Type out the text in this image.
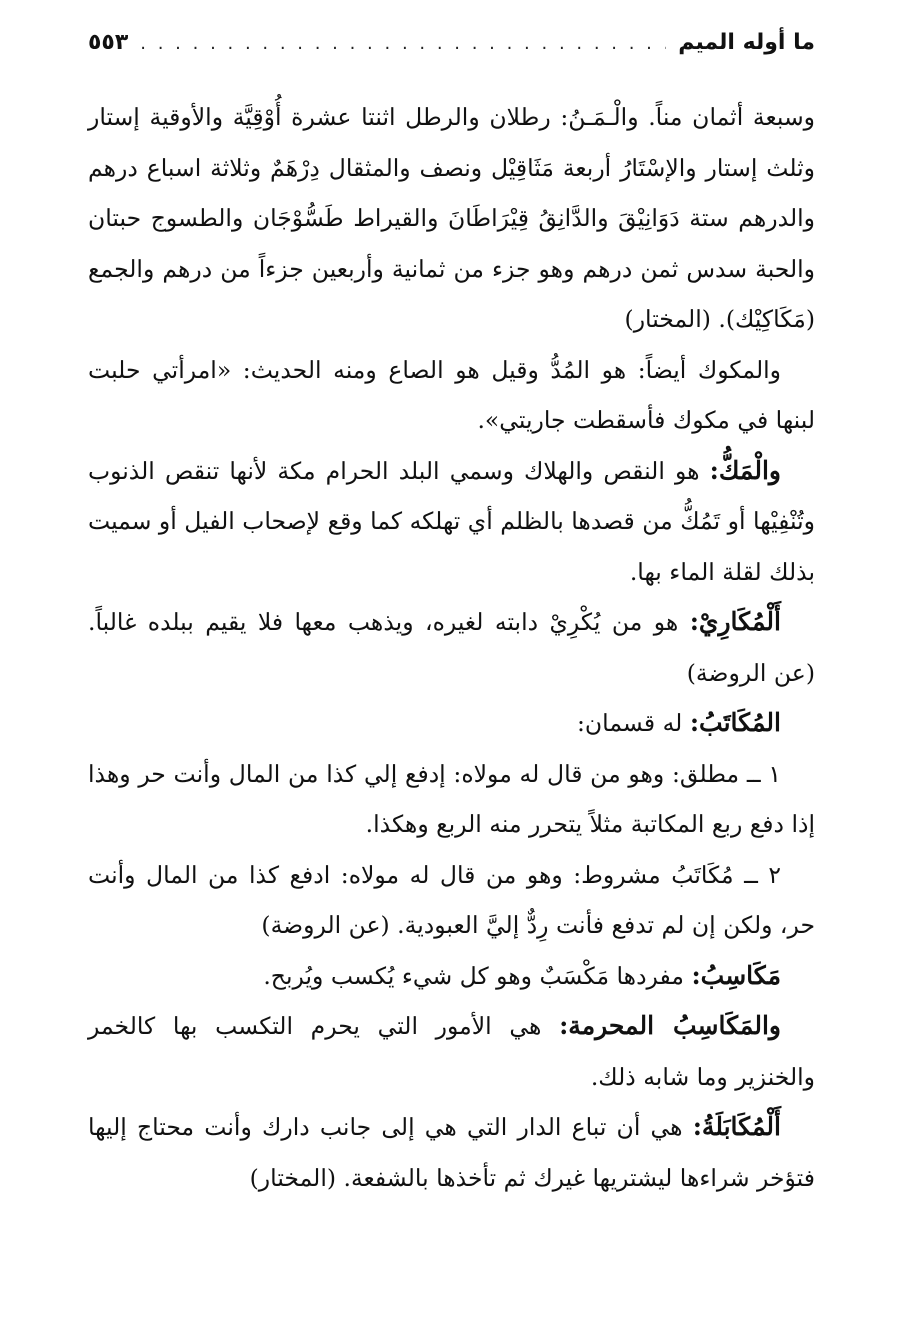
ما أوله الميم
. . .
٥٥٣

وسبعة أثمان مناً. والْـمَـنُ: رطلان والرطل اثنتا عشرة أُوْقِيَّة والأوقية إستار وثلث إستار والإسْتَارُ أربعة مَثَاقِيْل ونصف والمثقال دِرْهَمٌ وثلاثة اسباع درهم والدرهم ستة دَوَانِيْقَ والدَّانِقُ قِيْرَاطَانَ والقيراط طَسُّوْجَان والطسوج حبتان والحبة سدس ثمن درهم وهو جزء من ثمانية وأربعين جزءاً من درهم والجمع (مَكَاكِيْك). (المختار)

والمكوك أيضاً: هو المُدُّ وقيل هو الصاع ومنه الحديث: «امرأتي حلبت لبنها في مكوك فأسقطت جاريتي».

والْمَكُّ: هو النقص والهلاك وسمي البلد الحرام مكة لأنها تنقص الذنوب وتُنْفِيْها أو تَمُكُّ من قصدها بالظلم أي تهلكه كما وقع لإصحاب الفيل أو سميت بذلك لقلة الماء بها.

أَلْمُكَارِيْ: هو من يُكْرِيْ دابته لغيره، ويذهب معها فلا يقيم ببلده غالباً. (عن الروضة)

المُكَاتَبُ: له قسمان:

١ ــ مطلق: وهو من قال له مولاه: إدفع إلي كذا من المال وأنت حر وهذا إذا دفع ربع المكاتبة مثلاً يتحرر منه الربع وهكذا.

٢ ــ مُكَاتَبُ مشروط: وهو من قال له مولاه: ادفع كذا من المال وأنت حر، ولكن إن لم تدفع فأنت رِدٌّ إليَّ العبودية. (عن الروضة)

مَكَاسِبُ: مفردها مَكْسَبٌ وهو كل شيء يُكسب ويُربح.

والمَكَاسِبُ المحرمة: هي الأمور التي يحرم التكسب بها كالخمر والخنزير وما شابه ذلك.

أَلْمُكَابَلَةُ: هي أن تباع الدار التي هي إلى جانب دارك وأنت محتاج إليها فتؤخر شراءها ليشتريها غيرك ثم تأخذها بالشفعة. (المختار)
